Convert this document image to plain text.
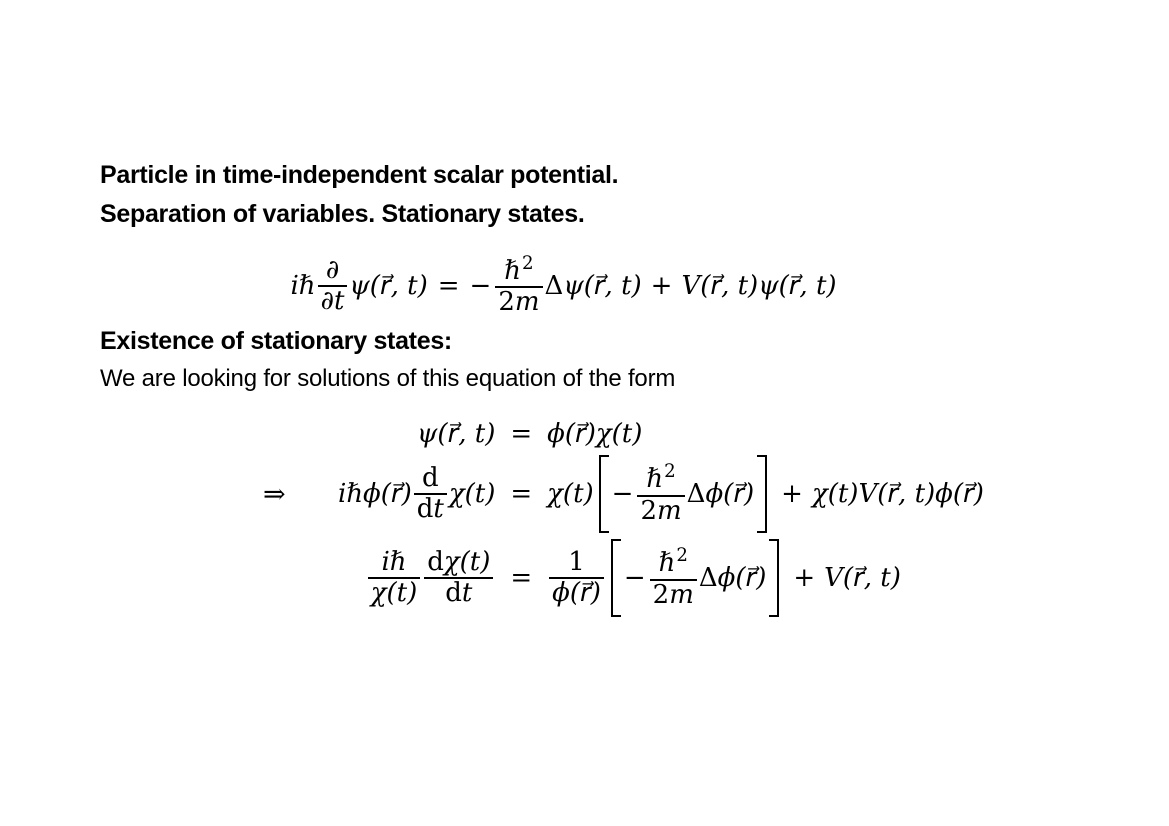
Particle in time-independent scalar potential.
Separation of variables. Stationary states.
iℏ $\frac{\partial}{\partial t}$ ψ(r⃗, t) = − $\frac{\hbar^2}{2m}$ Δ ψ(r⃗, t) + V(r⃗, t)ψ(r⃗, t)
Existence of stationary states:
We are looking for solutions of this equation of the form
ψ(r⃗, t) = ϕ(r⃗)χ(t)
⇒	iℏϕ(r⃗) $\frac{d}{dt} \chi(t) = \chi(t) - \frac{\hbar^2}{2m}$ Δ ϕ(r⃗) + χ(t)V(r⃗, t)ϕ(r⃗)
$\frac{\text{iℏ}}{\chi(t)} \frac{d\chi(t)}{dt} = \frac{1}{\phi(r⃗)} - \frac{\hbar^2}{2m}$ Δ ϕ(r⃗) + V(r⃗, t)
